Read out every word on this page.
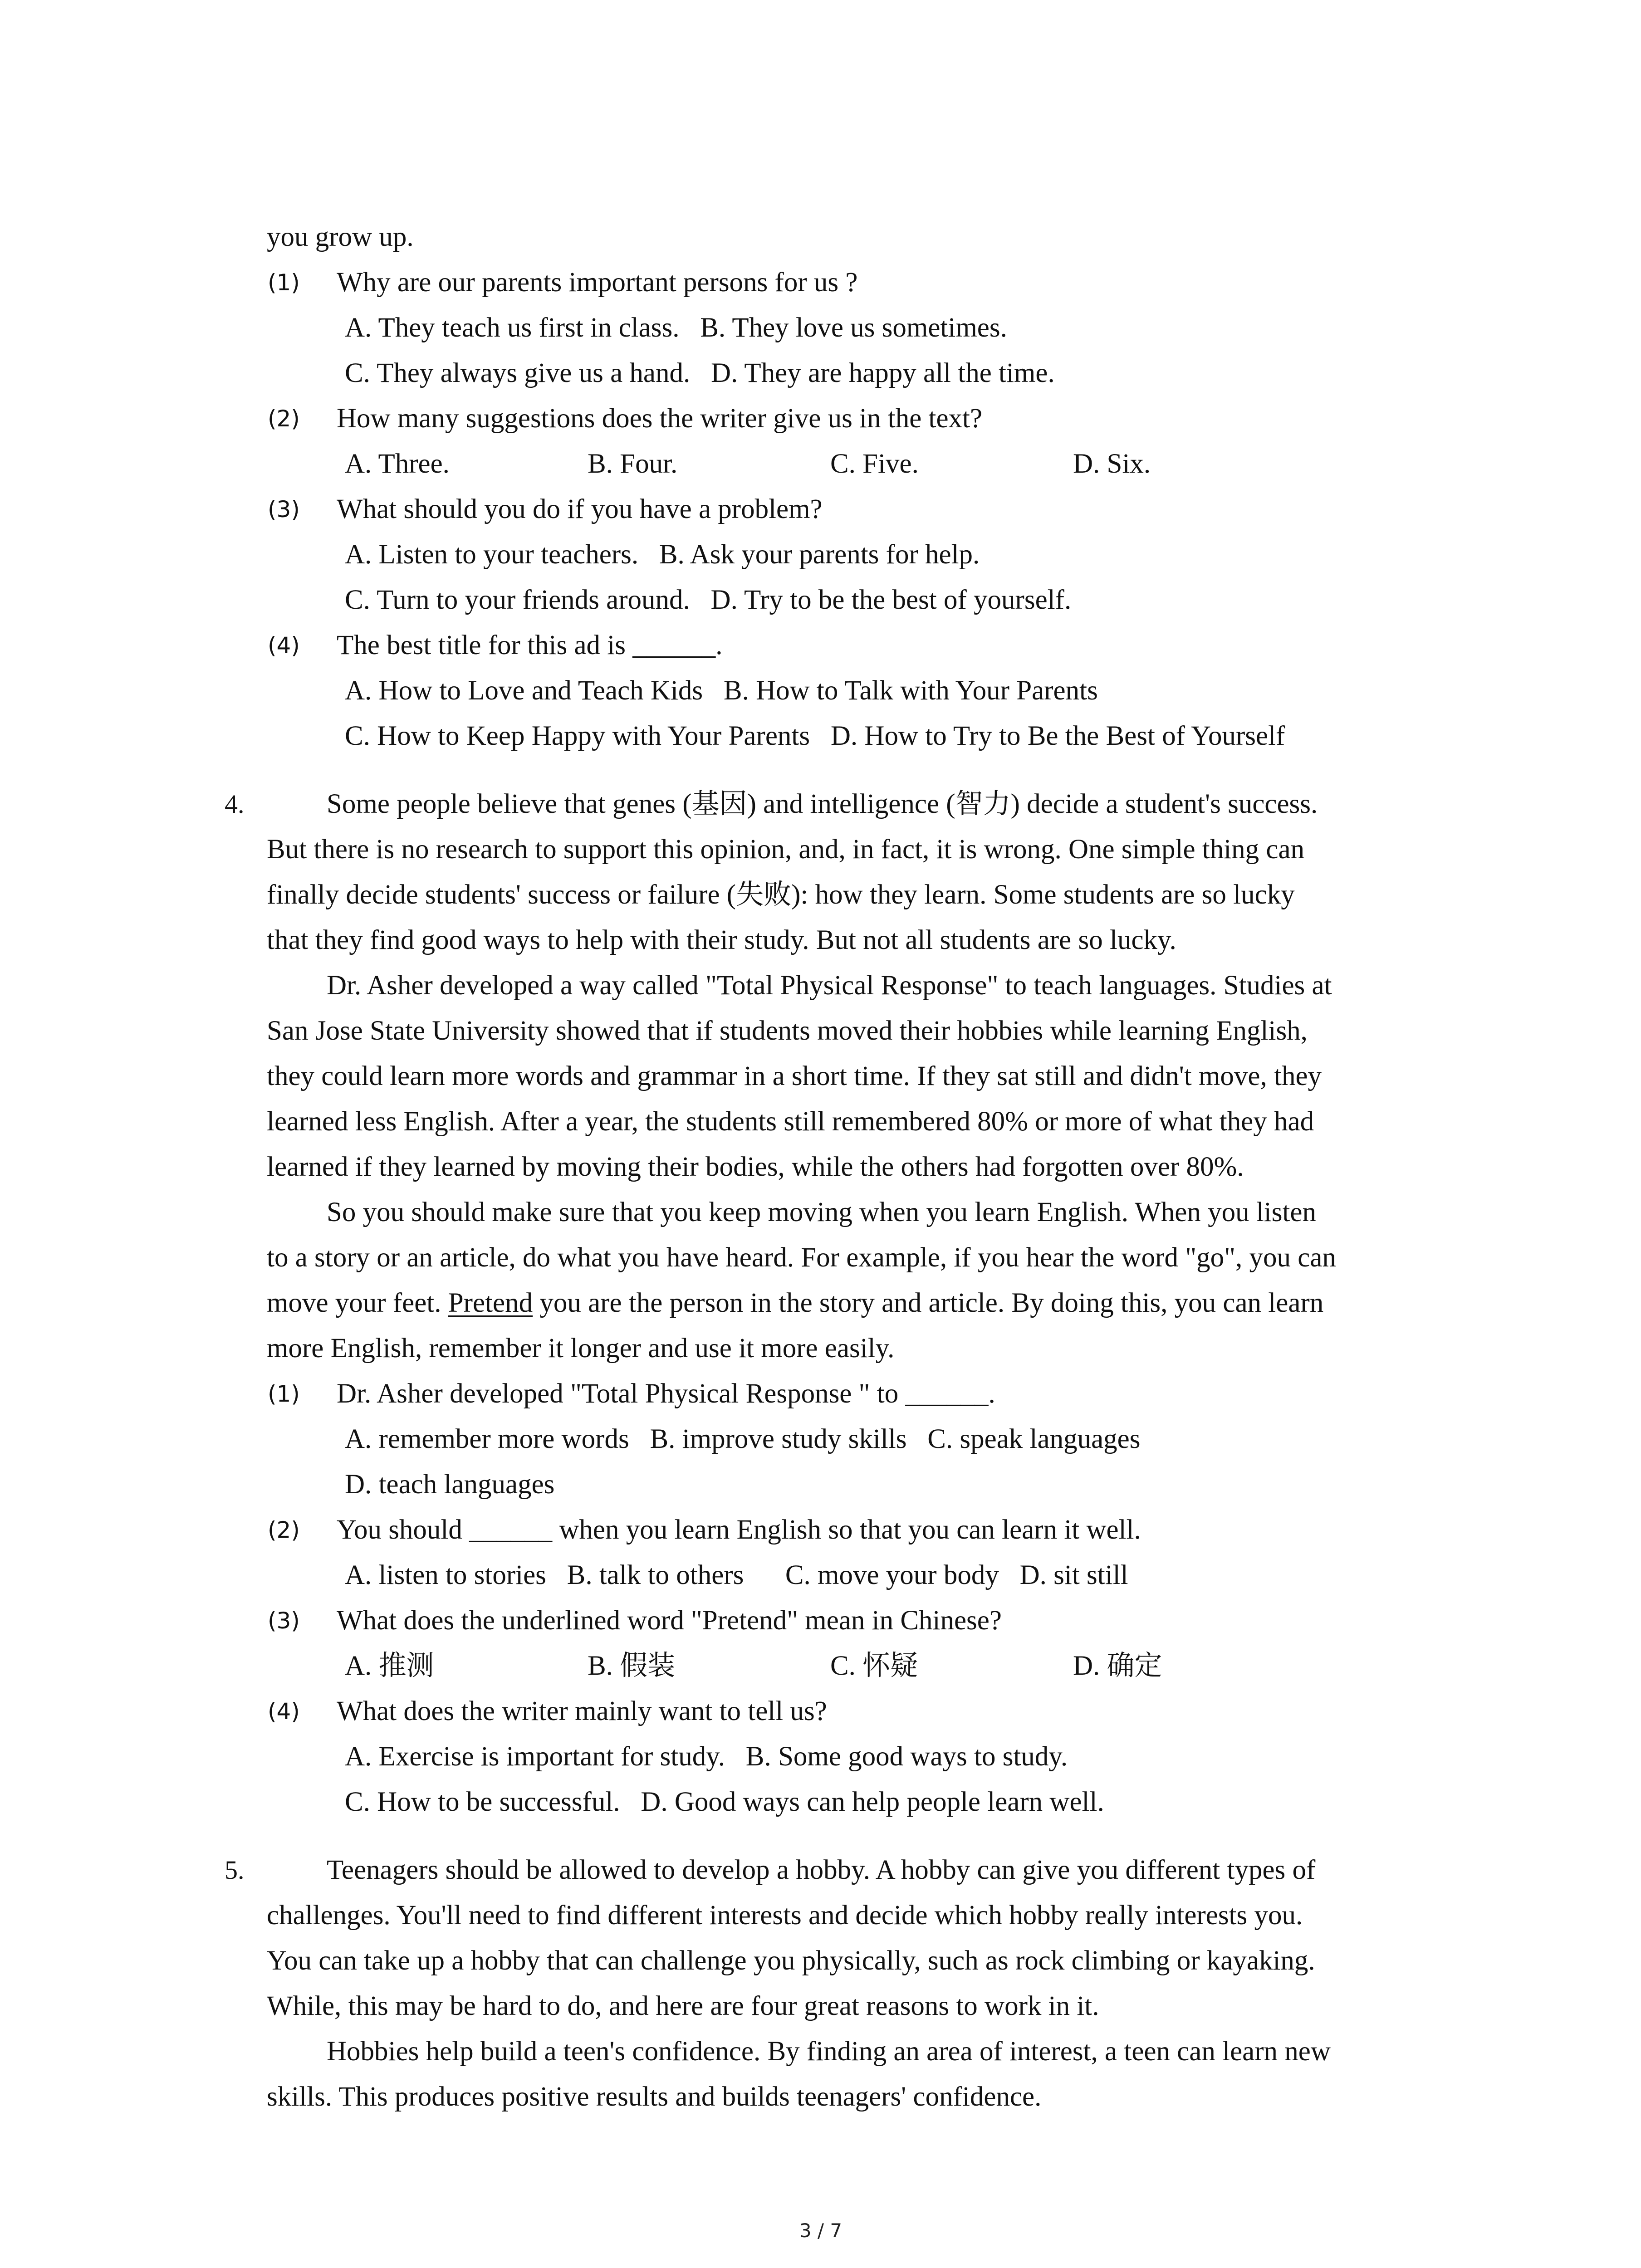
you grow up.
(1) Why are our parents important persons for us ?
A. They teach us first in class.   B. They love us sometimes.
C. They always give us a hand.   D. They are happy all the time.
(2) How many suggestions does the writer give us in the text?
A. Three.	B. Four.	C. Five.	D. Six.
(3) What should you do if you have a problem?
A. Listen to your teachers.   B. Ask your parents for help.
C. Turn to your friends around.   D. Try to be the best of yourself.
(4) The best title for this ad is ______.
A. How to Love and Teach Kids   B. How to Talk with Your Parents
C. How to Keep Happy with Your Parents   D. How to Try to Be the Best of Yourself
4.	Some people believe that genes (基因) and intelligence (智力) decide a student's success.
But there is no research to support this opinion, and, in fact, it is wrong. One simple thing can
finally decide students' success or failure (失败): how they learn. Some students are so lucky
that they find good ways to help with their study. But not all students are so lucky.
Dr. Asher developed a way called "Total Physical Response" to teach languages. Studies at
San Jose State University showed that if students moved their hobbies while learning English,
they could learn more words and grammar in a short time. If they sat still and didn't move, they
learned less English. After a year, the students still remembered 80% or more of what they had
learned if they learned by moving their bodies, while the others had forgotten over 80%.
So you should make sure that you keep moving when you learn English. When you listen
to a story or an article, do what you have heard. For example, if you hear the word "go", you can
move your feet. Pretend you are the person in the story and article. By doing this, you can learn
more English, remember it longer and use it more easily.
(1) Dr. Asher developed "Total Physical Response " to ______.
A. remember more words   B. improve study skills   C. speak languages
D. teach languages
(2) You should ______ when you learn English so that you can learn it well.
A. listen to stories   B. talk to others      C. move your body   D. sit still
(3) What does the underlined word "Pretend" mean in Chinese?
A. 推测	B. 假装	C. 怀疑	D. 确定
(4) What does the writer mainly want to tell us?
A. Exercise is important for study.   B. Some good ways to study.
C. How to be successful.   D. Good ways can help people learn well.
5.	Teenagers should be allowed to develop a hobby. A hobby can give you different types of
challenges. You'll need to find different interests and decide which hobby really interests you.
You can take up a hobby that can challenge you physically, such as rock climbing or kayaking.
While, this may be hard to do, and here are four great reasons to work in it.
Hobbies help build a teen's confidence. By finding an area of interest, a teen can learn new
skills. This produces positive results and builds teenagers' confidence.
3 / 7
